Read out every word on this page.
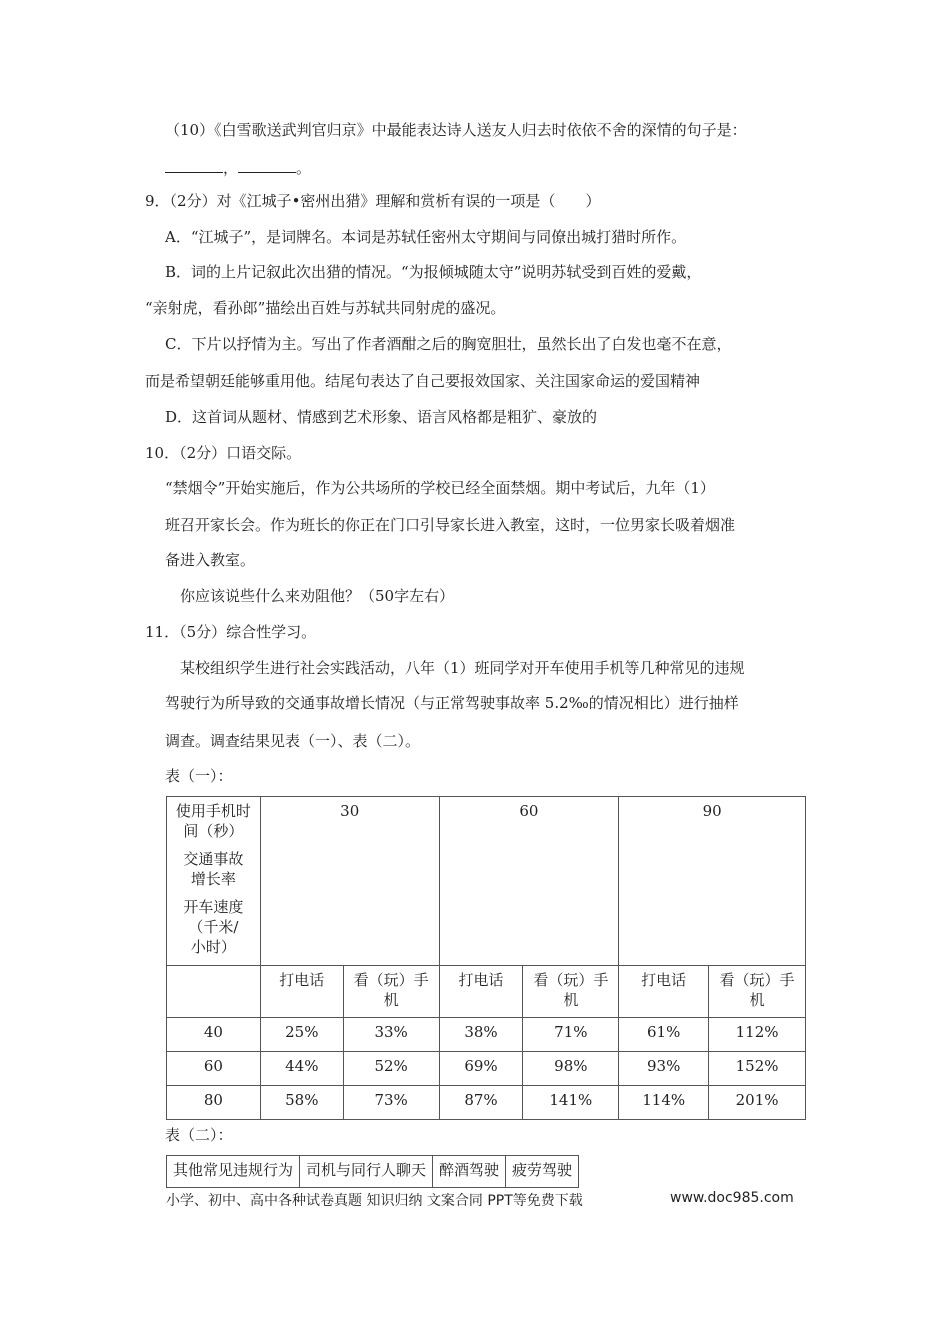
（10）《白雪歌送武判官归京》中最能表达诗人送友人归去时依依不舍的深情的句子是：
，	。
9．（2分）对《江城子•密州出猎》理解和赏析有误的一项是（　　）
A．“江城子”，是词牌名。本词是苏轼任密州太守期间与同僚出城打猎时所作。
B．词的上片记叙此次出猎的情况。“为报倾城随太守”说明苏轼受到百姓的爱戴，
“亲射虎，看孙郎”描绘出百姓与苏轼共同射虎的盛况。
C．下片以抒情为主。写出了作者酒酣之后的胸宽胆壮，虽然长出了白发也毫不在意，
而是希望朝廷能够重用他。结尾句表达了自己要报效国家、关注国家命运的爱国精神
D．这首词从题材、情感到艺术形象、语言风格都是粗犷、豪放的
10．（2分）口语交际。
“禁烟令”开始实施后，作为公共场所的学校已经全面禁烟。期中考试后，九年（1）
班召开家长会。作为班长的你正在门口引导家长进入教室，这时，一位男家长吸着烟准
备进入教室。
你应该说些什么来劝阻他？（50字左右）
11．（5分）综合性学习。
某校组织学生进行社会实践活动，八年（1）班同学对开车使用手机等几种常见的违规
驾驶行为所导致的交通事故增长情况（与正常驾驶事故率 5.2‰的情况相比）进行抽样
调查。调查结果见表（一）、表（二）。
表（一）：
使用手机时间（秒）
交通事故增长率
开车速度（千米/小时）	30		60		90	
	打电话	看（玩）手机	打电话	看（玩）手机	打电话	看（玩）手机
40	25%	33%	38%	71%	61%	112%
60	44%	52%	69%	98%	93%	152%
80	58%	73%	87%	141%	114%	201%
表（二）：
其他常见违规行为	司机与同行人聊天	醉酒驾驶	疲劳驾驶
小学、初中、高中各种试卷真题 知识归纳 文案合同 PPT等免费下载	www.doc985.com
